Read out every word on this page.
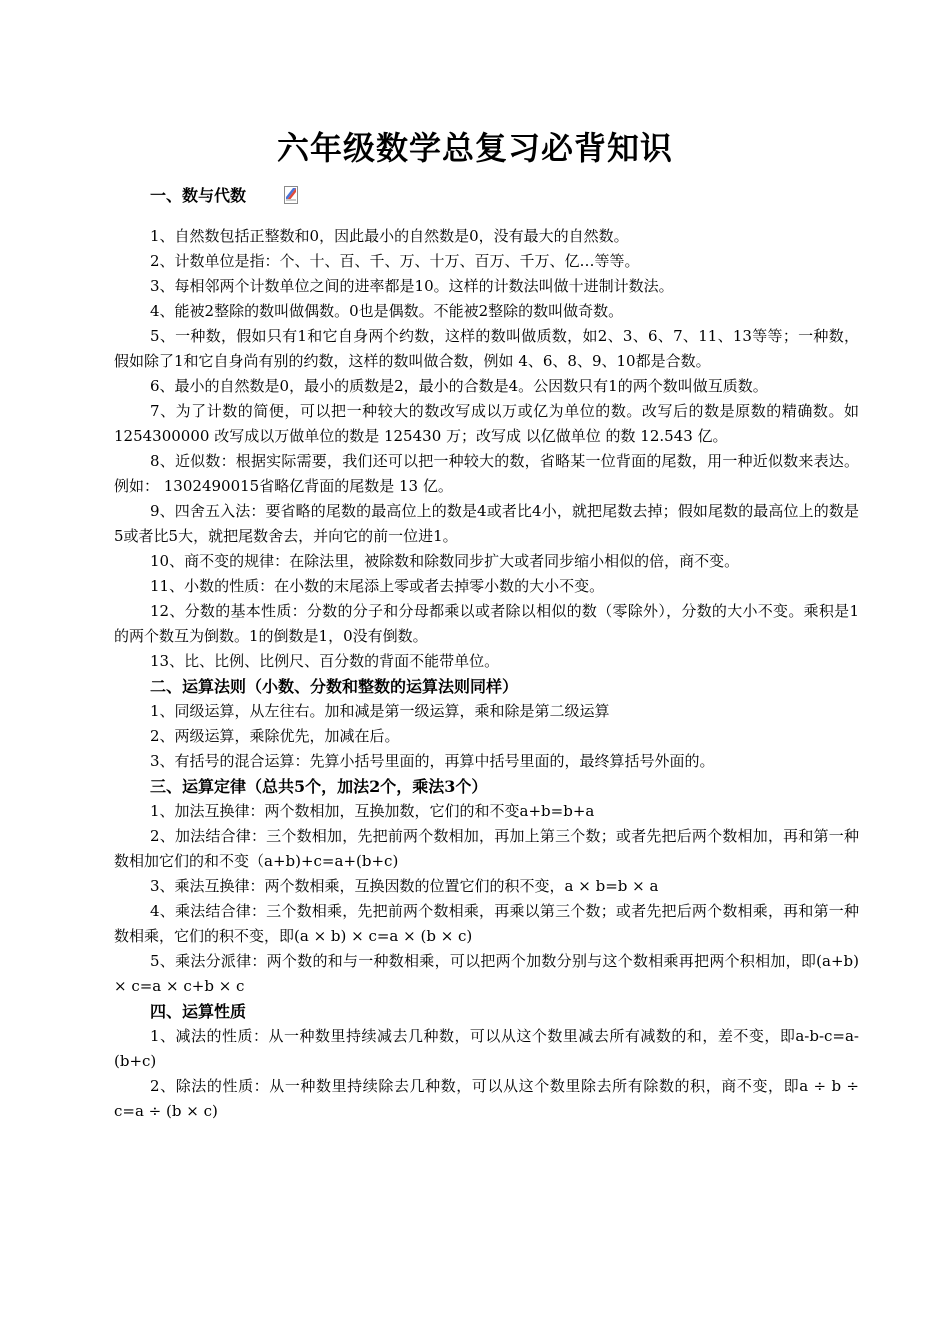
六年级数学总复习必背知识
一、数与代数
1、自然数包括正整数和0，因此最小的自然数是0，没有最大的自然数。
2、计数单位是指：个、十、百、千、万、十万、百万、千万、亿…等等。
3、每相邻两个计数单位之间的进率都是10。这样的计数法叫做十进制计数法。
4、能被2整除的数叫做偶数。0也是偶数。不能被2整除的数叫做奇数。
5、一种数，假如只有1和它自身两个约数，这样的数叫做质数，如2、3、6、7、11、13等等；一种数，假如除了1和它自身尚有别的约数，这样的数叫做合数，例如 4、6、8、9、10都是合数。
6、最小的自然数是0，最小的质数是2，最小的合数是4。公因数只有1的两个数叫做互质数。
7、为了计数的简便，可以把一种较大的数改写成以万或亿为单位的数。改写后的数是原数的精确数。如1254300000 改写成以万做单位的数是 125430 万；改写成 以亿做单位 的数 12.543 亿。
8、近似数：根据实际需要，我们还可以把一种较大的数，省略某一位背面的尾数，用一种近似数来表达。 例如： 1302490015省略亿背面的尾数是 13 亿。
9、四舍五入法：要省略的尾数的最高位上的数是4或者比4小，就把尾数去掉；假如尾数的最高位上的数是5或者比5大，就把尾数舍去，并向它的前一位进1。
10、商不变的规律：在除法里，被除数和除数同步扩大或者同步缩小相似的倍，商不变。
11、小数的性质：在小数的末尾添上零或者去掉零小数的大小不变。
12、分数的基本性质：分数的分子和分母都乘以或者除以相似的数（零除外），分数的大小不变。乘积是1的两个数互为倒数。1的倒数是1，0没有倒数。
13、比、比例、比例尺、百分数的背面不能带单位。
二、运算法则（小数、分数和整数的运算法则同样）
1、同级运算，从左往右。加和减是第一级运算，乘和除是第二级运算
2、两级运算，乘除优先，加减在后。
3、有括号的混合运算：先算小括号里面的，再算中括号里面的，最终算括号外面的。
三、运算定律（总共5个，加法2个，乘法3个）
1、加法互换律：两个数相加，互换加数，它们的和不变a+b=b+a
2、加法结合律：三个数相加，先把前两个数相加，再加上第三个数；或者先把后两个数相加，再和第一种数相加它们的和不变（a+b)+c=a+(b+c)
3、乘法互换律：两个数相乘，互换因数的位置它们的积不变，a × b=b × a
4、乘法结合律：三个数相乘，先把前两个数相乘，再乘以第三个数；或者先把后两个数相乘，再和第一种数相乘，它们的积不变，即(a × b) × c=a × (b × c)
5、乘法分派律：两个数的和与一种数相乘，可以把两个加数分别与这个数相乘再把两个积相加，即(a+b) × c=a × c+b × c
四、运算性质
1、减法的性质：从一种数里持续减去几种数，可以从这个数里减去所有减数的和，差不变，即a-b-c=a-(b+c)
2、除法的性质：从一种数里持续除去几种数，可以从这个数里除去所有除数的积，商不变，即a ÷ b ÷ c=a ÷ (b × c)
